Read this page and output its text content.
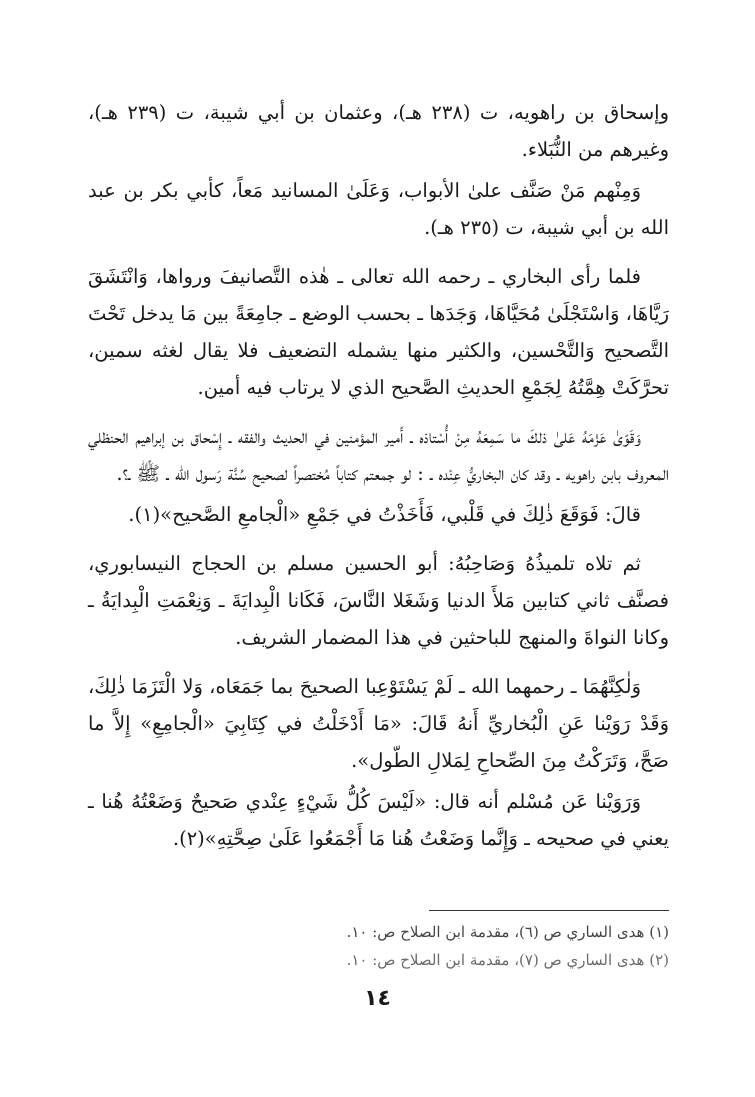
وإسحاق بن راهويه، ت (٢٣٨ هـ)، وعثمان بن أبي شيبة، ت (٢٣٩ هـ)، وغيرهم من النُّبَلاء.

وَمِنْهم مَنْ صَنَّف علىٰ الأبواب، وَعَلَىٰ المسانيد مَعاً، كأبي بكر بن عبد الله بن أبي شيبة، ت (٢٣٥ هـ).

فلما رأى البخاري ـ رحمه الله تعالى ـ هٰذه التَّصانيفَ ورواها، وَانْتَشَقَ رَيَّاهَا، وَاسْتَجْلَىٰ مُحَيَّاهَا، وَجَدَها ـ بحسب الوضع ـ جامِعَةً بين مَا يدخل تَحْتَ التَّصحيح وَالتَّحْسين، والكثير منها يشمله التضعيف فلا يقال لغثه سمين، تحرَّكَتْ هِمَّتُهُ لِجَمْعِ الحديثِ الصَّحيح الذي لا يرتاب فيه أمين.

وَقَوّىٰ عَزْمَهُ عَلىٰ ذلكَ ما سَمِعَهُ مِنْ أُسْتاذه ـ أَمير المؤمنين في الحديث والفقه ـ إِسْحاق بن إبراهيم الحنظلي المعروف بابن راهويه ـ وقد كان البخاريُّ عِنْده ـ : لو جمعتم كتاباً مُختصراً لصحيح سُنَّة رَسول الله ـ ﷺ ـ؟.

قالَ: فَوَقَعَ ذٰلِكَ في قَلْبي، فَأَخَذْتُ في جَمْعِ «الْجامعِ الصَّحيح»(١).

ثم تلاه تلميذُهُ وَصَاحِبُهُ: أبو الحسين مسلم بن الحجاج النيسابوري، فصنَّف ثاني كتابين مَلأَ الدنيا وَشَغَلا النَّاسَ، فَكَانا الْبِدايَةَ ـ وَنِعْمَتِ الْبِدايَةُ ـ وكانا النواةَ والمنهج للباحثين في هذا المضمار الشريف.

وَلٰكِنَّهُمَا ـ رحمهما الله ـ لَمْ يَسْتَوْعِبا الصحيحَ بما جَمَعَاه، وَلا الْتَزَمَا ذٰلِكَ، وَقَدْ رَوَيْنا عَنِ الْبُخاريِّ أَنهُ قَالَ: «مَا أَدْخَلْتُ في كِتَابِيَ «الْجامِعِ» إِلاَّ ما صَحَّ، وَتَرَكْتُ مِنَ الصِّحاحِ لِمَلالِ الطّول».

وَرَوَيْنا عَن مُسْلم أنه قال: «لَيْسَ كُلُّ شَيْءٍ عِنْدي صَحيحٌ وَضَعْتُهُ هُنا ـ يعني في صحيحه ـ وَإِنَّما وَضَعْتُ هُنا مَا أَجْمَعُوا عَلَىٰ صِحَّتِهِ»(٢).

(١) هدى الساري ص (٦)، مقدمة ابن الصلاح ص: ١٠.

(٢) هدى الساري ص (٧)، مقدمة ابن الصلاح ص: ١٠.

١٤
